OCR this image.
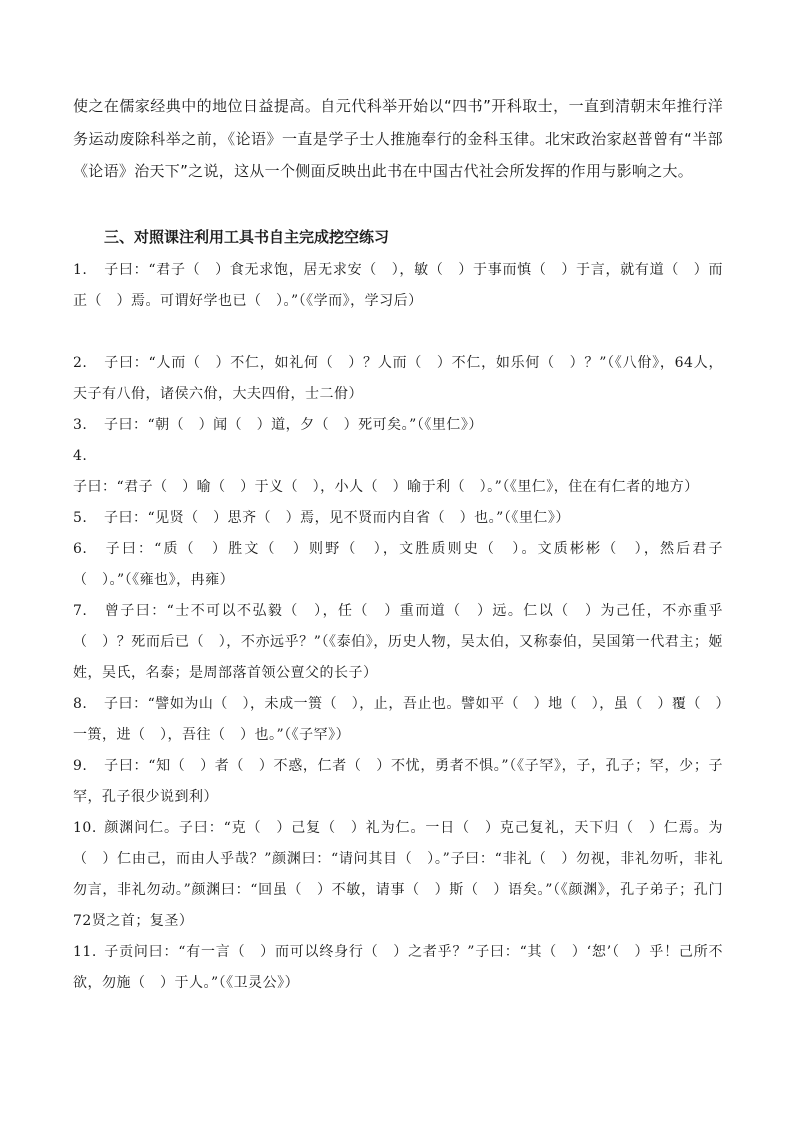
使之在儒家经典中的地位日益提高。自元代科举开始以“四书”开科取士，一直到清朝末年推行洋务运动废除科举之前，《论语》一直是学子士人推施奉行的金科玉律。北宋政治家赵普曾有“半部《论语》治天下”之说，这从一个侧面反映出此书在中国古代社会所发挥的作用与影响之大。

三、对照课注利用工具书自主完成挖空练习

1. 子曰：“君子（　）食无求饱，居无求安（　），敏（　）于事而慎（　）于言，就有道（　）而正（　）焉。可谓好学也已（　）。”（《学而》，学习后）

2. 子曰：“人而（　）不仁，如礼何（　）？人而（　）不仁，如乐何（　）？”（《八佾》，64人，天子有八佾，诸侯六佾，大夫四佾，士二佾）

3. 子曰：“朝（　）闻（　）道，夕（　）死可矣。”（《里仁》）

4.子曰：“君子（　）喻（　）于义（　），小人（　）喻于利（　）。”（《里仁》，住在有仁者的地方）

5. 子曰：“见贤（　）思齐（　）焉，见不贤而内自省（　）也。”（《里仁》）

6. 子曰：“质（　）胜文（　）则野（　），文胜质则史（　）。文质彬彬（　），然后君子（　）。”（《雍也》，冉雍）

7. 曾子曰：“士不可以不弘毅（　），任（　）重而道（　）远。仁以（　）为己任，不亦重乎（　）？死而后已（　），不亦远乎？”（《泰伯》，历史人物，吴太伯，又称泰伯，吴国第一代君主；姬姓，吴氏，名泰；是周部落首领公亶父的长子）

8. 子曰：“譬如为山（　），未成一篑（　），止，吾止也。譬如平（　）地（　），虽（　）覆（　）一篑，进（　），吾往（　）也。”（《子罕》）

9. 子曰：“知（　）者（　）不惑，仁者（　）不忧，勇者不惧。”（《子罕》，子，孔子；罕，少；子罕，孔子很少说到利）

10. 颜渊问仁。子曰：“克（　）己复（　）礼为仁。一日（　）克己复礼，天下归（　）仁焉。为（　）仁由己，而由人乎哉？”颜渊曰：“请问其目（　）。”子曰：“非礼（　）勿视，非礼勿听，非礼勿言，非礼勿动。”颜渊曰：“回虽（　）不敏，请事（　）斯（　）语矣。”（《颜渊》，孔子弟子；孔门72贤之首；复圣）

11. 子贡问曰：“有一言（　）而可以终身行（　）之者乎？”子曰：“其（　）‘恕’（　）乎！己所不欲，勿施（　）于人。”（《卫灵公》）
